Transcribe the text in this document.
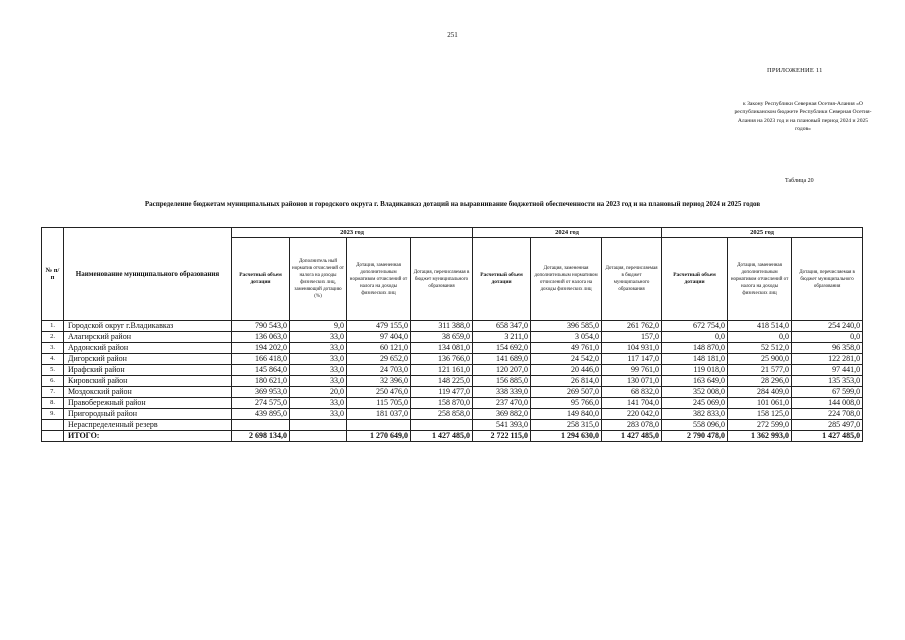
251
ПРИЛОЖЕНИЕ 11
к Закону Республики Северная Осетия-Алания «О республиканском бюджете Республики Северная Осетия-Алания на 2023 год и на плановый период 2024 и 2025 годов»
Таблица 20
Распределение бюджетам муниципальных районов и городского округа г. Владикавказ дотаций на выравнивание бюджетной обеспеченности на 2023 год и на плановый период 2024 и 2025 годов
№ п/п	Наименование муниципального образования	2023 год				2024 год			2025 год		
		Расчетный объем дотации	Дополнитель ный норматив отчислений от налога на доходы физических лиц, заменяющий дотацию (%)	Дотация, замененная дополнительным нормативом отчислений от налога на доходы физических лиц	Дотация, перечисляемая в бюджет муниципального образования	Расчетный объем дотации	Дотация, замененная дополнительным нормативом отчислений от налога на доходы физических лиц	Дотация, перечисляемая в бюджет муниципального образования	Расчетный объем дотации	Дотация, замененная дополнительным нормативом отчислений от налога на доходы физических лиц	Дотация, перечисляемая в бюджет муниципального образования
1.	Городской округ г.Владикавказ	790 543,0	9,0	479 155,0	311 388,0	658 347,0	396 585,0	261 762,0	672 754,0	418 514,0	254 240,0
2.	Алагирский район	136 063,0	33,0	97 404,0	38 659,0	3 211,0	3 054,0	157,0	0,0	0,0	0,0
3.	Ардонский район	194 202,0	33,0	60 121,0	134 081,0	154 692,0	49 761,0	104 931,0	148 870,0	52 512,0	96 358,0
4.	Дигорский район	166 418,0	33,0	29 652,0	136 766,0	141 689,0	24 542,0	117 147,0	148 181,0	25 900,0	122 281,0
5.	Ирафский район	145 864,0	33,0	24 703,0	121 161,0	120 207,0	20 446,0	99 761,0	119 018,0	21 577,0	97 441,0
6.	Кировский район	180 621,0	33,0	32 396,0	148 225,0	156 885,0	26 814,0	130 071,0	163 649,0	28 296,0	135 353,0
7.	Моздокский район	369 953,0	20,0	250 476,0	119 477,0	338 339,0	269 507,0	68 832,0	352 008,0	284 409,0	67 599,0
8.	Правобережный район	274 575,0	33,0	115 705,0	158 870,0	237 470,0	95 766,0	141 704,0	245 069,0	101 061,0	144 008,0
9.	Пригородный район	439 895,0	33,0	181 037,0	258 858,0	369 882,0	149 840,0	220 042,0	382 833,0	158 125,0	224 708,0
	Нераспределенный резерв					541 393,0	258 315,0	283 078,0	558 096,0	272 599,0	285 497,0
	ИТОГО:	2 698 134,0		1 270 649,0	1 427 485,0	2 722 115,0	1 294 630,0	1 427 485,0	2 790 478,0	1 362 993,0	1 427 485,0
